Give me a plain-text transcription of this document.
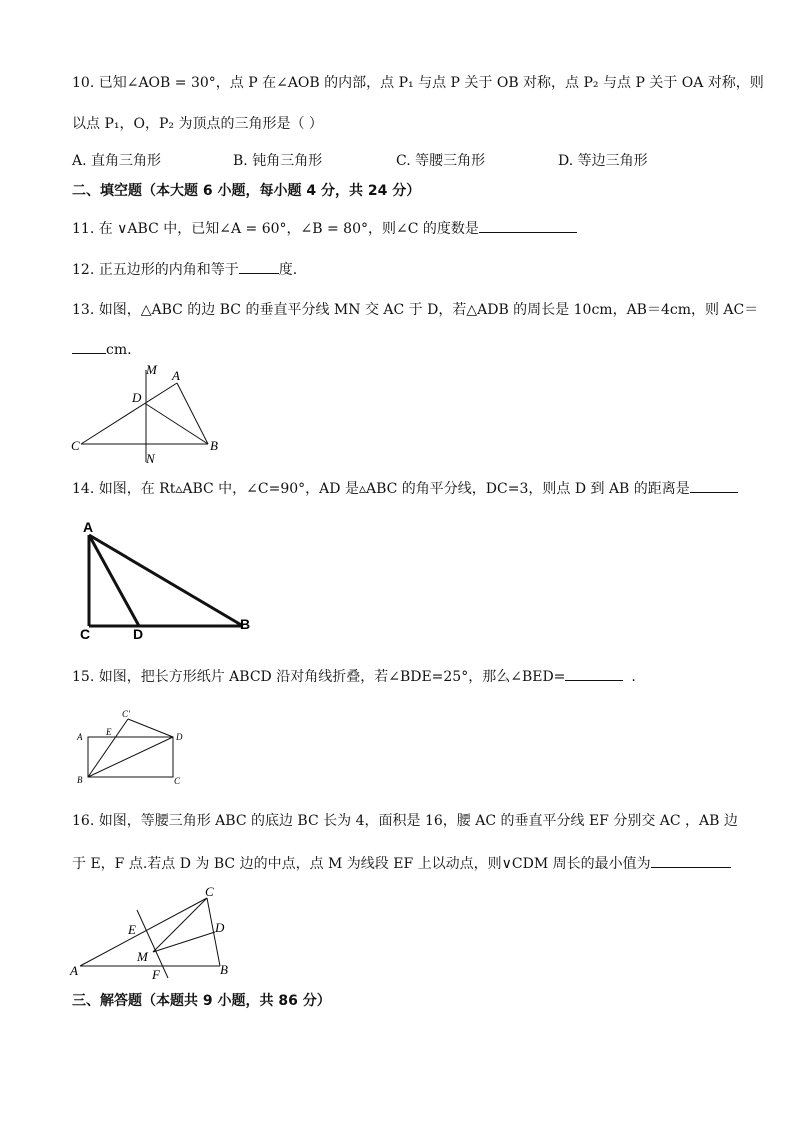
10. 已知∠AOB = 30°，点 P 在∠AOB 的内部，点 P₁ 与点 P 关于 OB 对称，点 P₂ 与点 P 关于 OA 对称，则
以点 P₁，O，P₂ 为顶点的三角形是（ ）
A. 直角三角形	B. 钝角三角形	C. 等腰三角形	D. 等边三角形
二、填空题（本大题 6 小题，每小题 4 分，共 24 分）
11. 在 ∨ABC 中，已知∠A = 60°，∠B = 80°，则∠C 的度数是
12. 正五边形的内角和等于	度.
13. 如图，△ABC 的边 BC 的垂直平分线 MN 交 AC 于 D，若△ADB 的周长是 10cm，AB＝4cm，则 AC＝
cm.
M A
D
C	B
N
14. 如图，在 Rt▵ABC 中，∠C=90°，AD 是▵ABC 的角平分线，DC=3，则点 D 到 AB 的距离是
A
C	D
B
15. 如图，把长方形纸片 ABCD 沿对角线折叠，若∠BDE=25°，那么∠BED=	.
C′
A	E	D
B	C
16. 如图，等腰三角形 ABC 的底边 BC 长为 4，面积是 16，腰 AC 的垂直平分线 EF 分别交 AC ，AB 边
于 E，F 点.若点 D 为 BC 边的中点，点 M 为线段 EF 上以动点，则∨CDM 周长的最小值为
C
E	D
M
A	F	B
三、解答题（本题共 9 小题，共 86 分）
